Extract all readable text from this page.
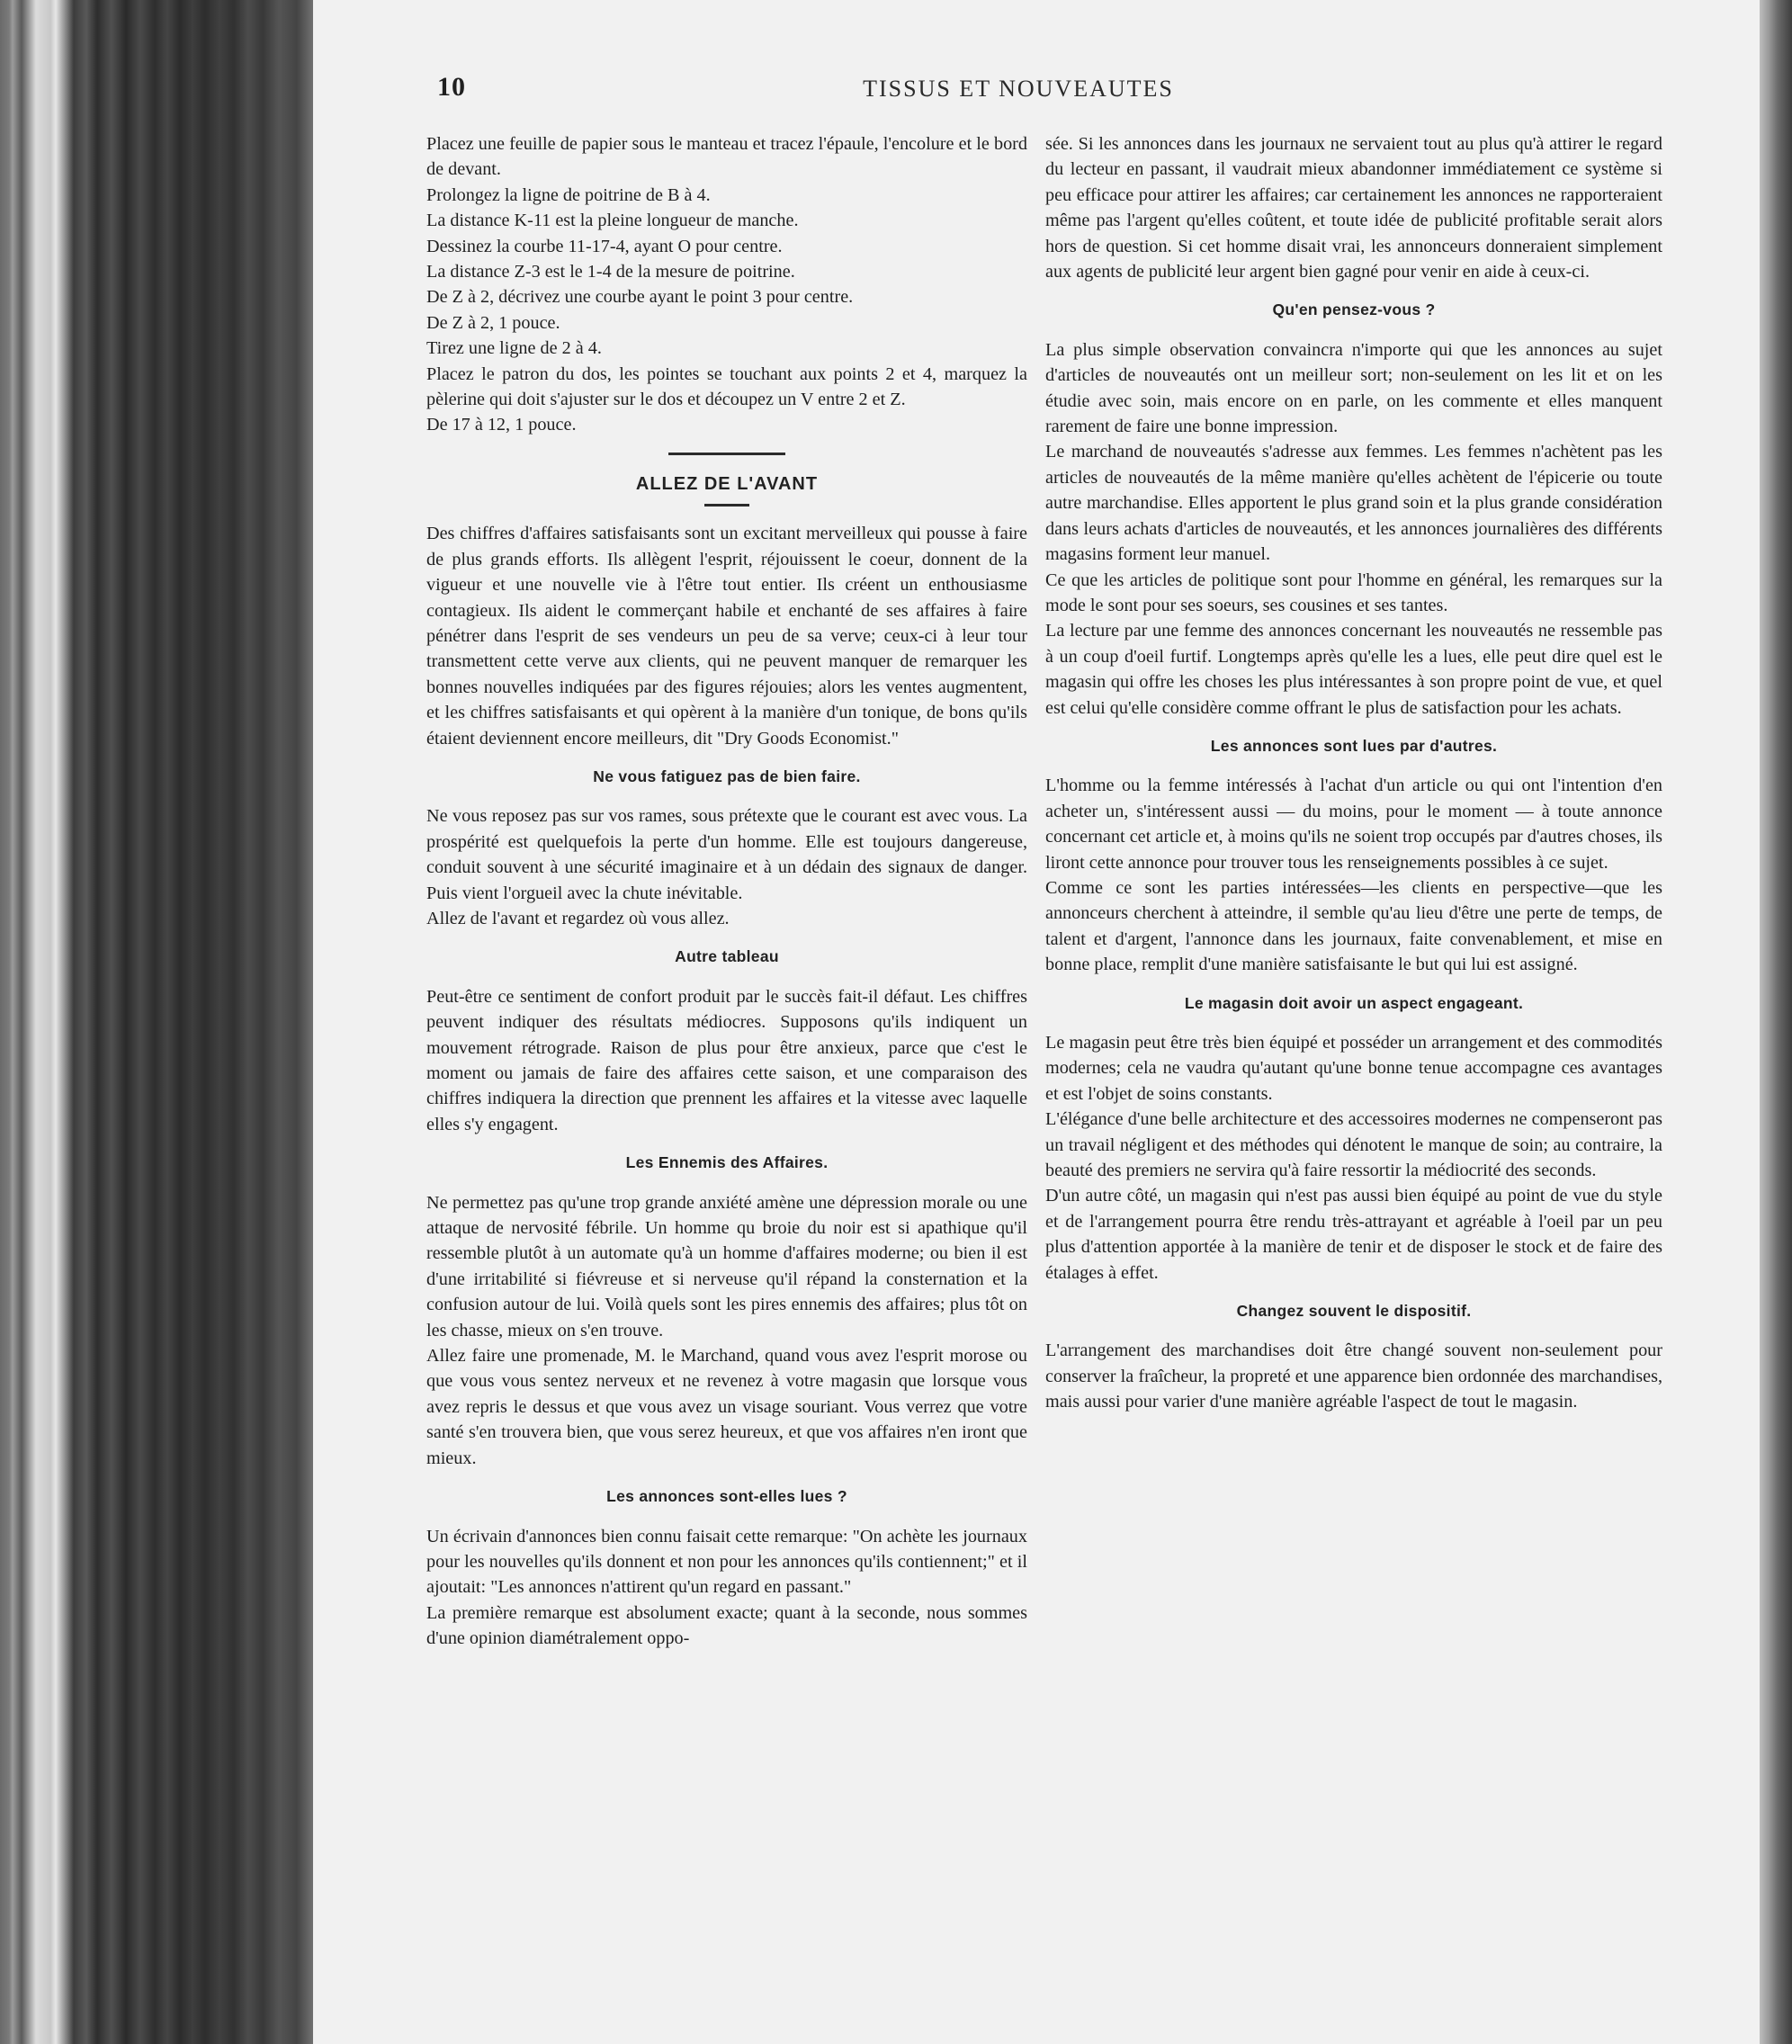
10	TISSUS ET NOUVEAUTES

Placez une feuille de papier sous le manteau et tracez l'épaule, l'encolure et le bord de devant.

Prolongez la ligne de poitrine de B à 4.

La distance K-11 est la pleine longueur de manche.

Dessinez la courbe 11-17-4, ayant O pour centre.

La distance Z-3 est le 1-4 de la mesure de poitrine.

De Z à 2, décrivez une courbe ayant le point 3 pour centre.

De Z à 2, 1 pouce.

Tirez une ligne de 2 à 4.

Placez le patron du dos, les pointes se touchant aux points 2 et 4, marquez la pèlerine qui doit s'ajuster sur le dos et découpez un V entre 2 et Z.

De 17 à 12, 1 pouce.

ALLEZ DE L'AVANT

Des chiffres d'affaires satisfaisants sont un excitant merveilleux qui pousse à faire de plus grands efforts. Ils allègent l'esprit, réjouissent le coeur, donnent de la vigueur et une nouvelle vie à l'être tout entier. Ils créent un enthousiasme contagieux. Ils aident le commerçant habile et enchanté de ses affaires à faire pénétrer dans l'esprit de ses vendeurs un peu de sa verve; ceux-ci à leur tour transmettent cette verve aux clients, qui ne peuvent manquer de remarquer les bonnes nouvelles indiquées par des figures réjouies; alors les ventes augmentent, et les chiffres satisfaisants et qui opèrent à la manière d'un tonique, de bons qu'ils étaient deviennent encore meilleurs, dit "Dry Goods Economist."

Ne vous fatiguez pas de bien faire.

Ne vous reposez pas sur vos rames, sous prétexte que le courant est avec vous. La prospérité est quelquefois la perte d'un homme. Elle est toujours dangereuse, conduit souvent à une sécurité imaginaire et à un dédain des signaux de danger. Puis vient l'orgueil avec la chute inévitable.

Allez de l'avant et regardez où vous allez.

Autre tableau

Peut-être ce sentiment de confort produit par le succès fait-il défaut. Les chiffres peuvent indiquer des résultats médiocres. Supposons qu'ils indiquent un mouvement rétrograde. Raison de plus pour être anxieux, parce que c'est le moment ou jamais de faire des affaires cette saison, et une comparaison des chiffres indiquera la direction que prennent les affaires et la vitesse avec laquelle elles s'y engagent.

Les Ennemis des Affaires.

Ne permettez pas qu'une trop grande anxiété amène une dépression morale ou une attaque de nervosité fébrile. Un homme qu broie du noir est si apathique qu'il ressemble plutôt à un automate qu'à un homme d'affaires moderne; ou bien il est d'une irritabilité si fiévreuse et si nerveuse qu'il répand la consternation et la confusion autour de lui. Voilà quels sont les pires ennemis des affaires; plus tôt on les chasse, mieux on s'en trouve.

Allez faire une promenade, M. le Marchand, quand vous avez l'esprit morose ou que vous vous sentez nerveux et ne revenez à votre magasin que lorsque vous avez repris le dessus et que vous avez un visage souriant. Vous verrez que votre santé s'en trouvera bien, que vous serez heureux, et que vos affaires n'en iront que mieux.

Les annonces sont-elles lues ?

Un écrivain d'annonces bien connu faisait cette remarque: "On achète les journaux pour les nouvelles qu'ils donnent et non pour les annonces qu'ils contiennent;" et il ajoutait: "Les annonces n'attirent qu'un regard en passant."

La première remarque est absolument exacte; quant à la seconde, nous sommes d'une opinion diamétralement oppo-

sée. Si les annonces dans les journaux ne servaient tout au plus qu'à attirer le regard du lecteur en passant, il vaudrait mieux abandonner immédiatement ce système si peu efficace pour attirer les affaires; car certainement les annonces ne rapporteraient même pas l'argent qu'elles coûtent, et toute idée de publicité profitable serait alors hors de question. Si cet homme disait vrai, les annonceurs donneraient simplement aux agents de publicité leur argent bien gagné pour venir en aide à ceux-ci.

Qu'en pensez-vous ?

La plus simple observation convaincra n'importe qui que les annonces au sujet d'articles de nouveautés ont un meilleur sort; non-seulement on les lit et on les étudie avec soin, mais encore on en parle, on les commente et elles manquent rarement de faire une bonne impression.

Le marchand de nouveautés s'adresse aux femmes. Les femmes n'achètent pas les articles de nouveautés de la même manière qu'elles achètent de l'épicerie ou toute autre marchandise. Elles apportent le plus grand soin et la plus grande considération dans leurs achats d'articles de nouveautés, et les annonces journalières des différents magasins forment leur manuel.

Ce que les articles de politique sont pour l'homme en général, les remarques sur la mode le sont pour ses soeurs, ses cousines et ses tantes.

La lecture par une femme des annonces concernant les nouveautés ne ressemble pas à un coup d'oeil furtif. Longtemps après qu'elle les a lues, elle peut dire quel est le magasin qui offre les choses les plus intéressantes à son propre point de vue, et quel est celui qu'elle considère comme offrant le plus de satisfaction pour les achats.

Les annonces sont lues par d'autres.

L'homme ou la femme intéressés à l'achat d'un article ou qui ont l'intention d'en acheter un, s'intéressent aussi — du moins, pour le moment — à toute annonce concernant cet article et, à moins qu'ils ne soient trop occupés par d'autres choses, ils liront cette annonce pour trouver tous les renseignements possibles à ce sujet.

Comme ce sont les parties intéressées—les clients en perspective—que les annonceurs cherchent à atteindre, il semble qu'au lieu d'être une perte de temps, de talent et d'argent, l'annonce dans les journaux, faite convenablement, et mise en bonne place, remplit d'une manière satisfaisante le but qui lui est assigné.

Le magasin doit avoir un aspect engageant.

Le magasin peut être très bien équipé et posséder un arrangement et des commodités modernes; cela ne vaudra qu'autant qu'une bonne tenue accompagne ces avantages et est l'objet de soins constants.

L'élégance d'une belle architecture et des accessoires modernes ne compenseront pas un travail négligent et des méthodes qui dénotent le manque de soin; au contraire, la beauté des premiers ne servira qu'à faire ressortir la médiocrité des seconds.

D'un autre côté, un magasin qui n'est pas aussi bien équipé au point de vue du style et de l'arrangement pourra être rendu très-attrayant et agréable à l'oeil par un peu plus d'attention apportée à la manière de tenir et de disposer le stock et de faire des étalages à effet.

Changez souvent le dispositif.

L'arrangement des marchandises doit être changé souvent non-seulement pour conserver la fraîcheur, la propreté et une apparence bien ordonnée des marchandises, mais aussi pour varier d'une manière agréable l'aspect de tout le magasin.
